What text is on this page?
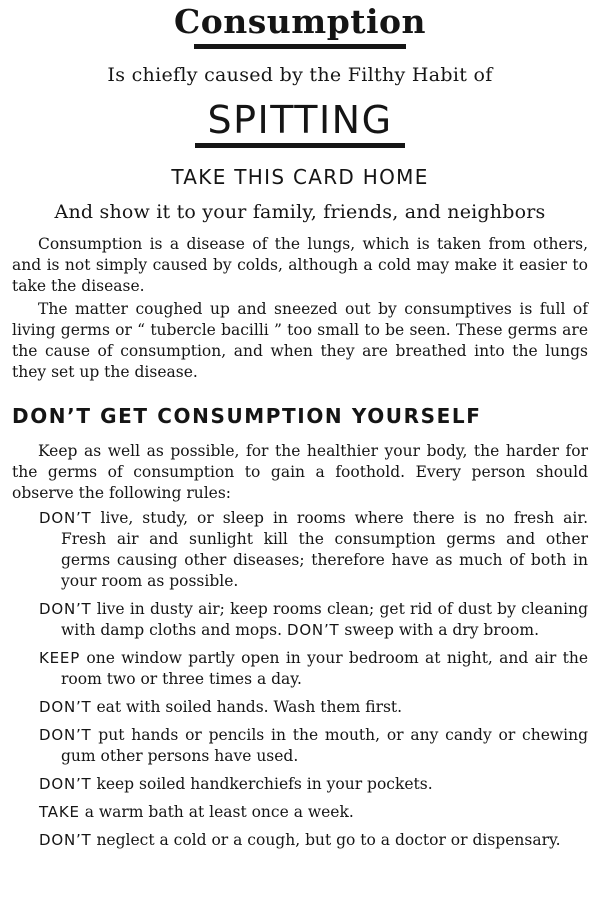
Consumption

Is chiefly caused by the Filthy Habit of

SPITTING

TAKE THIS CARD HOME

And show it to your family, friends, and neighbors

Consumption is a disease of the lungs, which is taken from others, and is not simply caused by colds, although a cold may make it easier to take the disease.

The matter coughed up and sneezed out by consumptives is full of living germs or “ tubercle bacilli ” too small to be seen. These germs are the cause of consumption, and when they are breathed into the lungs they set up the disease.

DON’T GET CONSUMPTION YOURSELF

Keep as well as possible, for the healthier your body, the harder for the germs of consumption to gain a foothold. Every person should observe the following rules:

DON’T live, study, or sleep in rooms where there is no fresh air. Fresh air and sunlight kill the consumption germs and other germs causing other diseases; therefore have as much of both in your room as possible.
DON’T live in dusty air; keep rooms clean; get rid of dust by cleaning with damp cloths and mops. DON’T sweep with a dry broom.
KEEP one window partly open in your bedroom at night, and air the room two or three times a day.
DON’T eat with soiled hands. Wash them first.
DON’T put hands or pencils in the mouth, or any candy or chewing gum other persons have used.
DON’T keep soiled handkerchiefs in your pockets.
TAKE a warm bath at least once a week.
DON’T neglect a cold or a cough, but go to a doctor or dispensary.
